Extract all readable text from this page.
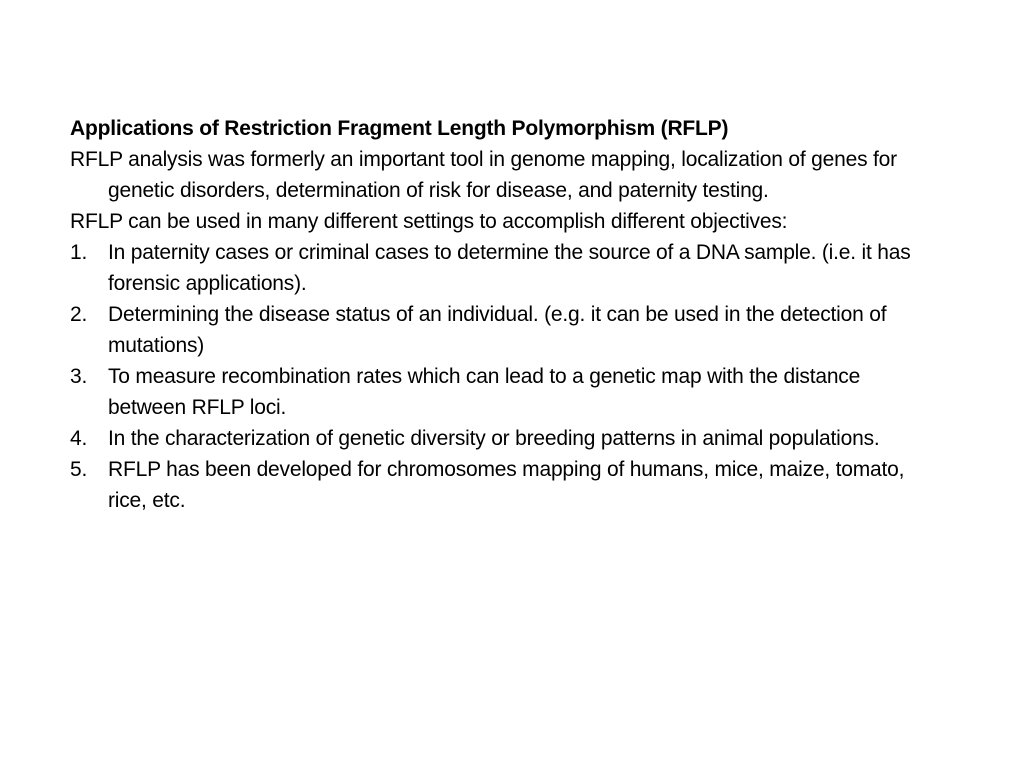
Applications of Restriction Fragment Length Polymorphism (RFLP)

RFLP analysis was formerly an important tool in genome mapping, localization of genes for genetic disorders, determination of risk for disease, and paternity testing.

RFLP can be used in many different settings to accomplish different objectives:

1. In paternity cases or criminal cases to determine the source of a DNA sample. (i.e. it has forensic applications).
2. Determining the disease status of an individual. (e.g. it can be used in the detection of mutations)
3. To measure recombination rates which can lead to a genetic map with the distance between RFLP loci.
4. In the characterization of genetic diversity or breeding patterns in animal populations.
5. RFLP has been developed for chromosomes mapping of humans, mice, maize, tomato, rice, etc.
